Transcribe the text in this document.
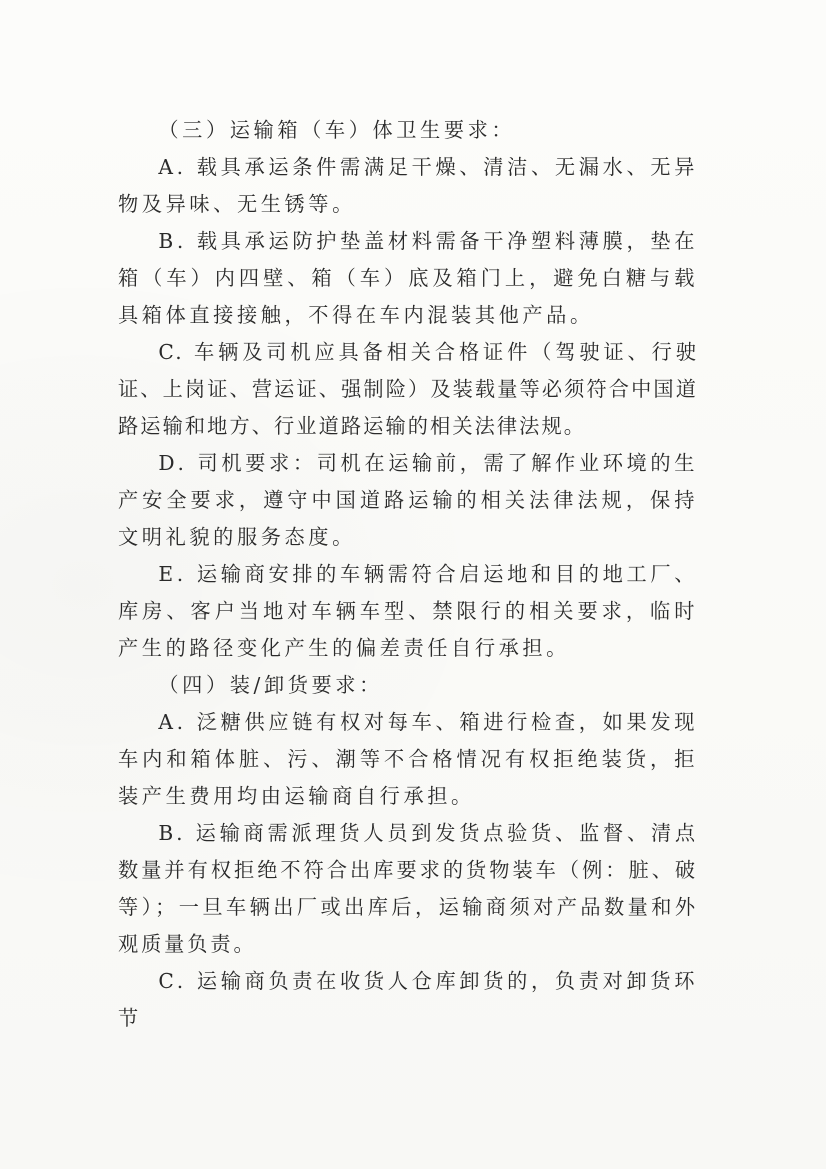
（三）运输箱（车）体卫生要求：

A. 载具承运条件需满足干燥、清洁、无漏水、无异物及异味、无生锈等。

B. 载具承运防护垫盖材料需备干净塑料薄膜，垫在箱（车）内四壁、箱（车）底及箱门上，避免白糖与载具箱体直接接触，不得在车内混装其他产品。

C. 车辆及司机应具备相关合格证件（驾驶证、行驶证、上岗证、营运证、强制险）及装载量等必须符合中国道路运输和地方、行业道路运输的相关法律法规。

D. 司机要求：司机在运输前，需了解作业环境的生产安全要求，遵守中国道路运输的相关法律法规，保持文明礼貌的服务态度。

E. 运输商安排的车辆需符合启运地和目的地工厂、库房、客户当地对车辆车型、禁限行的相关要求，临时产生的路径变化产生的偏差责任自行承担。

（四）装/卸货要求：

A. 泛糖供应链有权对每车、箱进行检查，如果发现车内和箱体脏、污、潮等不合格情况有权拒绝装货，拒装产生费用均由运输商自行承担。

B. 运输商需派理货人员到发货点验货、监督、清点数量并有权拒绝不符合出库要求的货物装车（例：脏、破等）；一旦车辆出厂或出库后，运输商须对产品数量和外观质量负责。

C. 运输商负责在收货人仓库卸货的，负责对卸货环节
